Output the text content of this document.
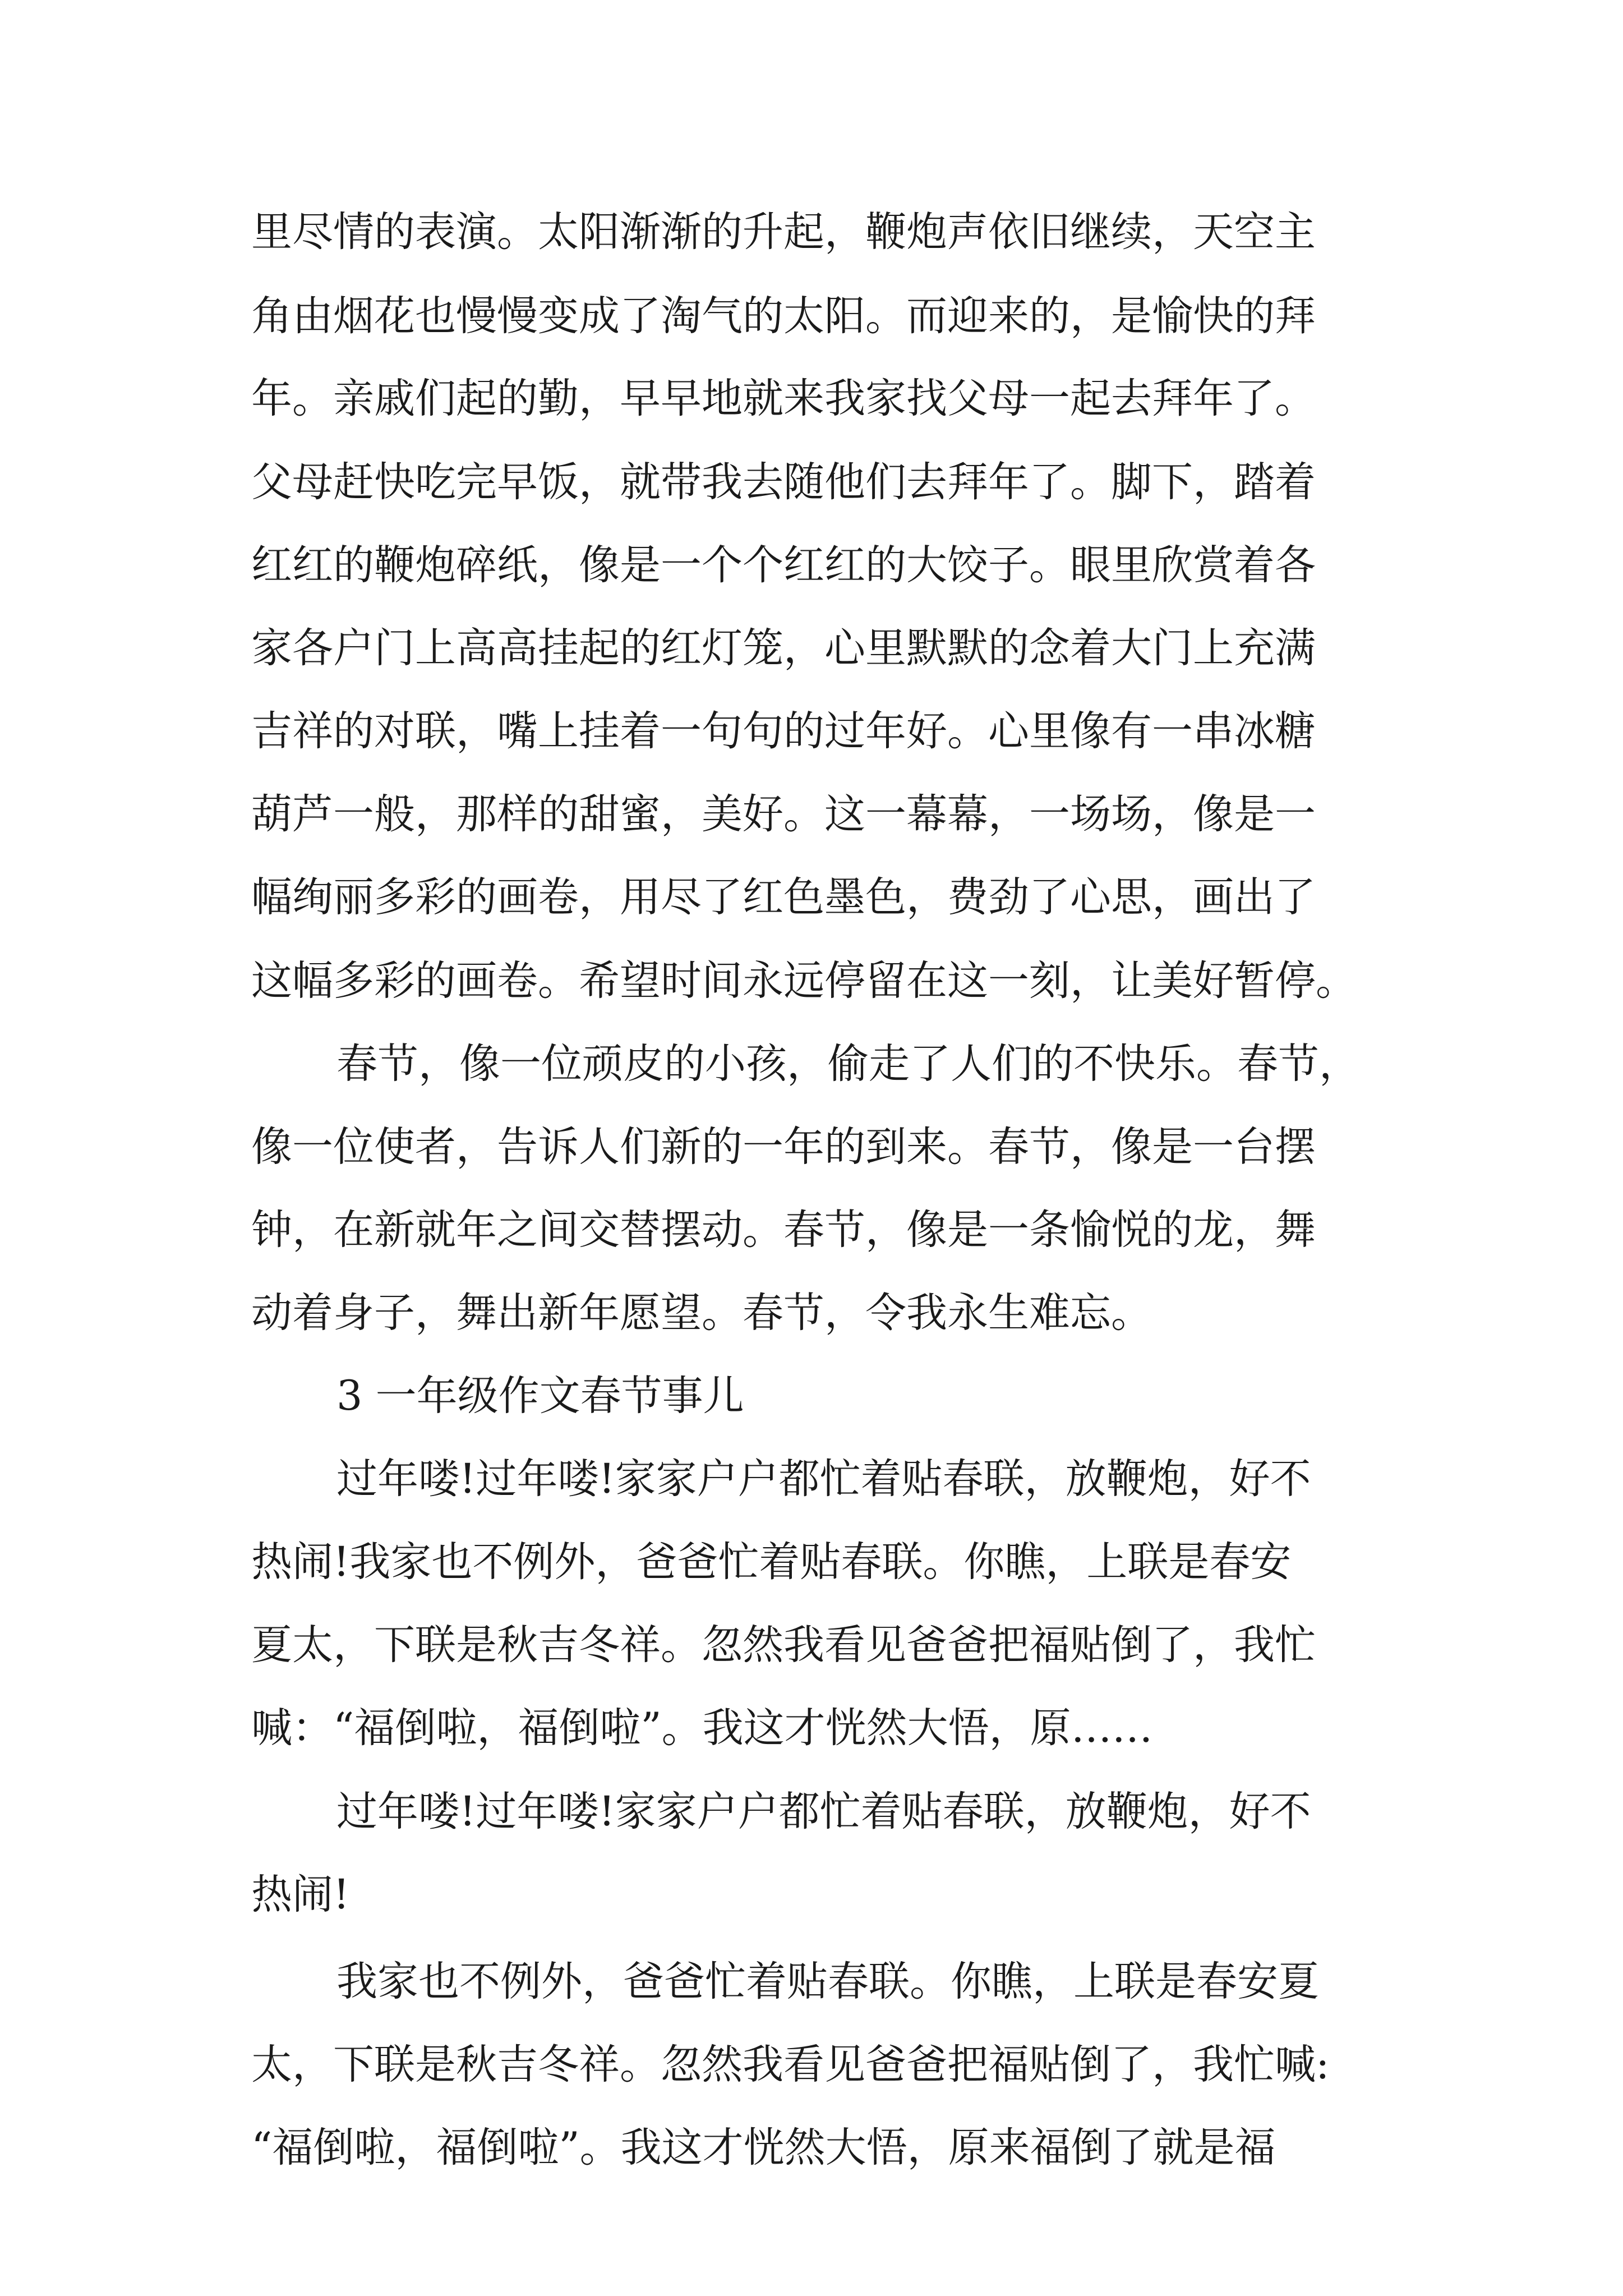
里尽情的表演。太阳渐渐的升起，鞭炮声依旧继续，天空主
角由烟花也慢慢变成了淘气的太阳。而迎来的，是愉快的拜
年。亲戚们起的勤，早早地就来我家找父母一起去拜年了。
父母赶快吃完早饭，就带我去随他们去拜年了。脚下，踏着
红红的鞭炮碎纸，像是一个个红红的大饺子。眼里欣赏着各
家各户门上高高挂起的红灯笼，心里默默的念着大门上充满
吉祥的对联，嘴上挂着一句句的过年好。心里像有一串冰糖
葫芦一般，那样的甜蜜，美好。这一幕幕，一场场，像是一
幅绚丽多彩的画卷，用尽了红色墨色，费劲了心思，画出了
这幅多彩的画卷。希望时间永远停留在这一刻，让美好暂停。
春节，像一位顽皮的小孩，偷走了人们的不快乐。春节，
像一位使者，告诉人们新的一年的到来。春节，像是一台摆
钟，在新就年之间交替摆动。春节，像是一条愉悦的龙，舞
动着身子，舞出新年愿望。春节，令我永生难忘。
3 一年级作文春节事儿
过年喽!过年喽!家家户户都忙着贴春联，放鞭炮，好不
热闹!我家也不例外，爸爸忙着贴春联。你瞧，上联是春安
夏太，下联是秋吉冬祥。忽然我看见爸爸把福贴倒了，我忙
喊：“福倒啦，福倒啦”。我这才恍然大悟，原……
过年喽!过年喽!家家户户都忙着贴春联，放鞭炮，好不
热闹!
我家也不例外，爸爸忙着贴春联。你瞧，上联是春安夏
太，下联是秋吉冬祥。忽然我看见爸爸把福贴倒了，我忙喊:
“福倒啦，福倒啦”。我这才恍然大悟，原来福倒了就是福
